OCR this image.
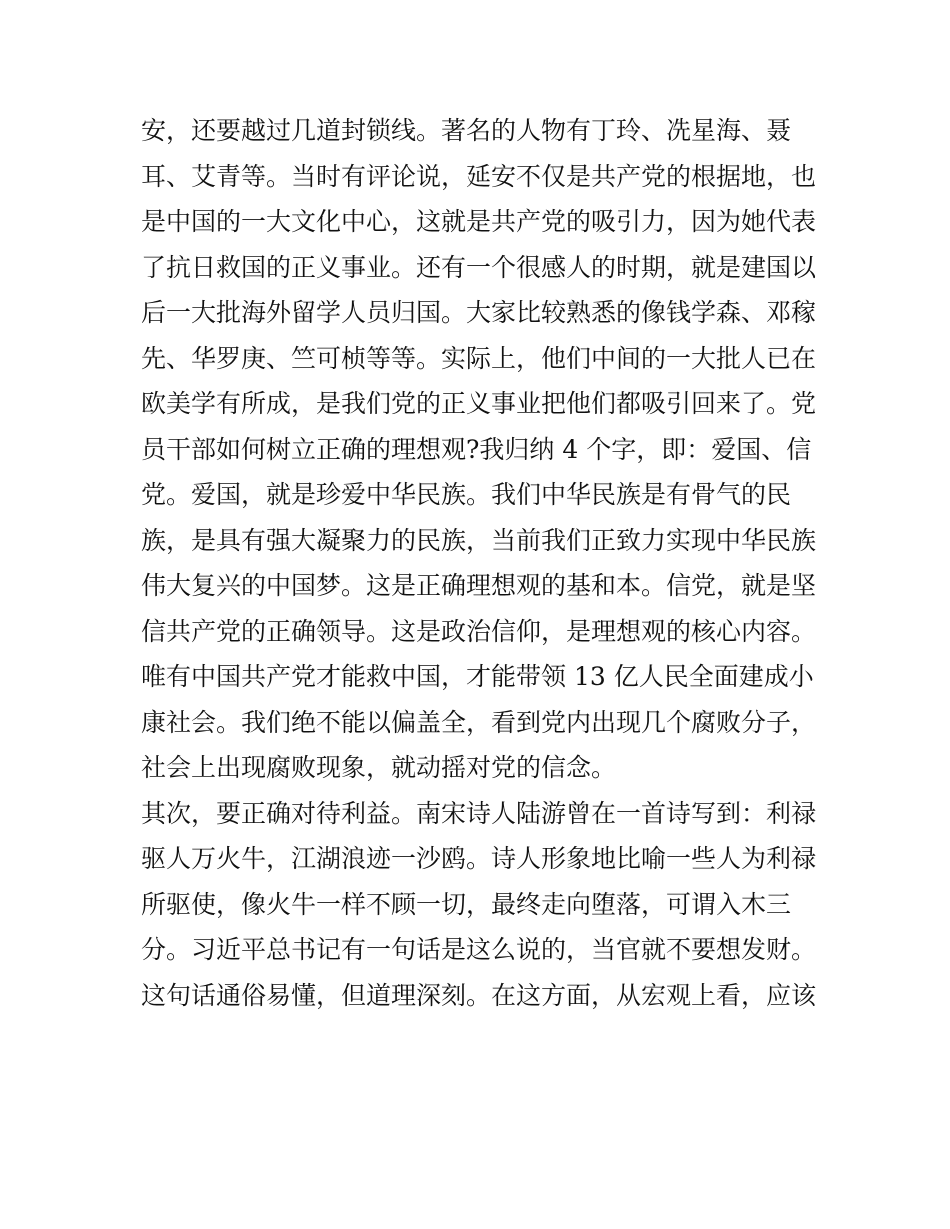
安，还要越过几道封锁线。著名的人物有丁玲、冼星海、聂
耳、艾青等。当时有评论说，延安不仅是共产党的根据地，也
是中国的一大文化中心，这就是共产党的吸引力，因为她代表
了抗日救国的正义事业。还有一个很感人的时期，就是建国以
后一大批海外留学人员归国。大家比较熟悉的像钱学森、邓稼
先、华罗庚、竺可桢等等。实际上，他们中间的一大批人已在
欧美学有所成，是我们党的正义事业把他们都吸引回来了。党
员干部如何树立正确的理想观?我归纳 4 个字，即：爱国、信
党。爱国，就是珍爱中华民族。我们中华民族是有骨气的民
族，是具有强大凝聚力的民族，当前我们正致力实现中华民族
伟大复兴的中国梦。这是正确理想观的基和本。信党，就是坚
信共产党的正确领导。这是政治信仰，是理想观的核心内容。
唯有中国共产党才能救中国，才能带领 13 亿人民全面建成小
康社会。我们绝不能以偏盖全，看到党内出现几个腐败分子，
社会上出现腐败现象，就动摇对党的信念。
其次，要正确对待利益。南宋诗人陆游曾在一首诗写到：利禄
驱人万火牛，江湖浪迹一沙鸥。诗人形象地比喻一些人为利禄
所驱使，像火牛一样不顾一切，最终走向堕落，可谓入木三
分。习近平总书记有一句话是这么说的，当官就不要想发财。
这句话通俗易懂，但道理深刻。在这方面，从宏观上看，应该
